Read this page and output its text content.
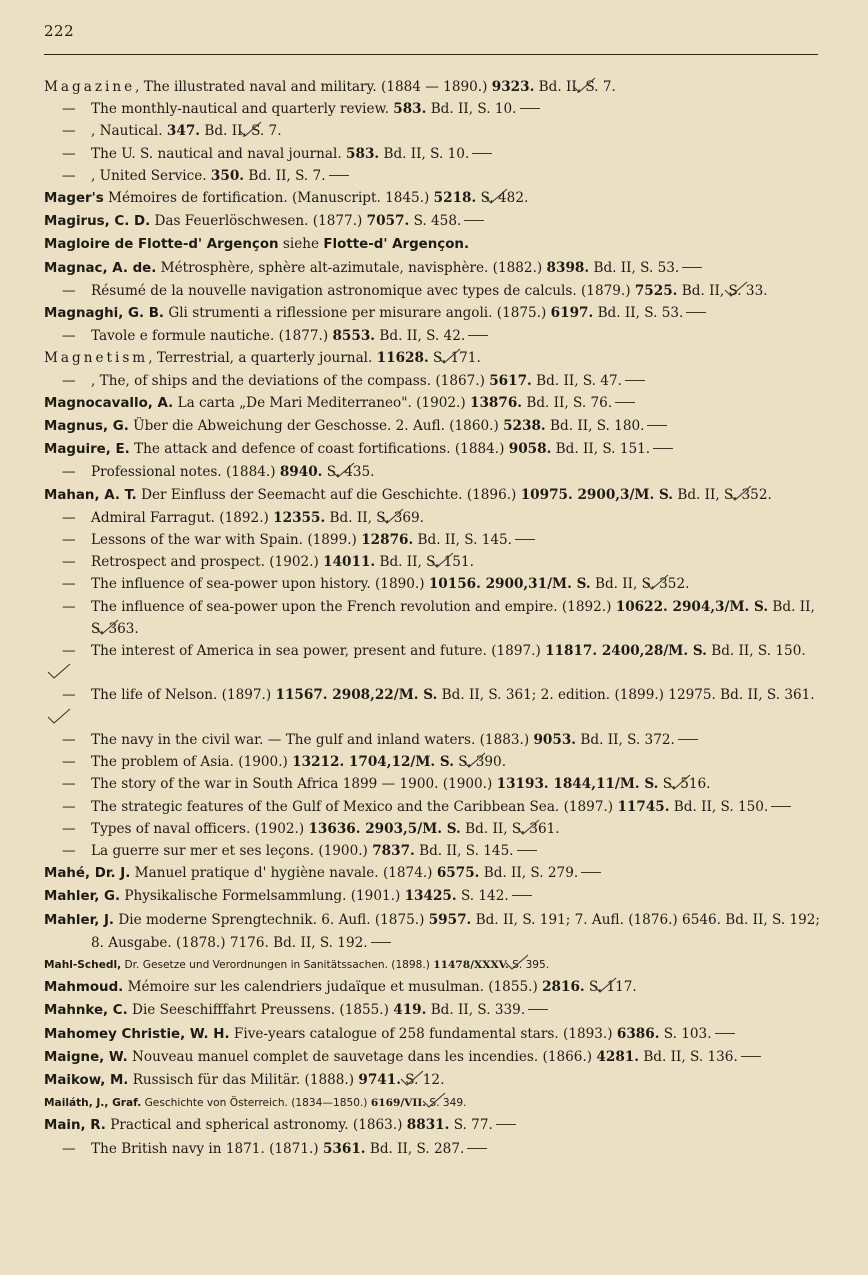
222
Magazine, The illustrated naval and military. (1884 — 1890.) 9323. Bd. II, S. 7.
— The monthly-nautical and quarterly review. 583. Bd. II, S. 10.
— , Nautical. 347. Bd. II, S. 7.
— The U. S. nautical and naval journal. 583. Bd. II, S. 10.
— , United Service. 350. Bd. II, S. 7.
Mager's Mémoires de fortification. (Manuscript. 1845.) 5218. S. 482.
Magirus, C. D. Das Feuerlöschwesen. (1877.) 7057. S. 458.
Magloire de Flotte-d' Argençon siehe Flotte-d' Argençon.
Magnac, A. de. Métrosphère, sphère alt-azimutale, navisphère. (1882.) 8398. Bd. II, S. 53.
— Résumé de la nouvelle navigation astronomique avec types de calculs. (1879.) 7525. Bd. II, S. 33.
Magnaghi, G. B. Gli strumenti a riflessione per misurare angoli. (1875.) 6197. Bd. II, S. 53.
— Tavole e formule nautiche. (1877.) 8553. Bd. II, S. 42.
Magnetism, Terrestrial, a quarterly journal. 11628. S. 171.
— , The, of ships and the deviations of the compass. (1867.) 5617. Bd. II, S. 47.
Magnocavallo, A. La carta „De Mari Mediterraneo". (1902.) 13876. Bd. II, S. 76.
Magnus, G. Über die Abweichung der Geschosse. 2. Aufl. (1860.) 5238. Bd. II, S. 180.
Maguire, E. The attack and defence of coast fortifications. (1884.) 9058. Bd. II, S. 151.
— Professional notes. (1884.) 8940. S. 435.
Mahan, A. T. Der Einfluss der Seemacht auf die Geschichte. (1896.) 10975. 2900,3/M. S. Bd. II, S. 352.
— Admiral Farragut. (1892.) 12355. Bd. II, S. 369.
— Lessons of the war with Spain. (1899.) 12876. Bd. II, S. 145.
— Retrospect and prospect. (1902.) 14011. Bd. II, S. 151.
— The influence of sea-power upon history. (1890.) 10156. 2900,31/M. S. Bd. II, S. 352.
— The influence of sea-power upon the French revolution and empire. (1892.) 10622. 2904,3/M. S. Bd. II, S. 363.
— The interest of America in sea power, present and future. (1897.) 11817. 2400,28/M. S. Bd. II, S. 150.
— The life of Nelson. (1897.) 11567. 2908,22/M. S. Bd. II, S. 361; 2. edition. (1899.) 12975. Bd. II, S. 361.
— The navy in the civil war. — The gulf and inland waters. (1883.) 9053. Bd. II, S. 372.
— The problem of Asia. (1900.) 13212. 1704,12/M. S. S. 390.
— The story of the war in South Africa 1899 — 1900. (1900.) 13193. 1844,11/M. S. S. 516.
— The strategic features of the Gulf of Mexico and the Caribbean Sea. (1897.) 11745. Bd. II, S. 150.
— Types of naval officers. (1902.) 13636. 2903,5/M. S. Bd. II, S. 361.
— La guerre sur mer et ses leçons. (1900.) 7837. Bd. II, S. 145.
Mahé, Dr. J. Manuel pratique d' hygiène navale. (1874.) 6575. Bd. II, S. 279.
Mahler, G. Physikalische Formelsammlung. (1901.) 13425. S. 142.
Mahler, J. Die moderne Sprengtechnik. 6. Aufl. (1875.) 5957. Bd. II, S. 191; 7. Aufl. (1876.) 6546. Bd. II, S. 192; 8. Ausgabe. (1878.) 7176. Bd. II, S. 192.
Mahl-Schedl, Dr. Gesetze und Verordnungen in Sanitätssachen. (1898.) 11478/XXXV. S. 395.
Mahmoud. Mémoire sur les calendriers judaïque et musulman. (1855.) 2816. S. 117.
Mahnke, C. Die Seeschifffahrt Preussens. (1855.) 419. Bd. II, S. 339.
Mahomey Christie, W. H. Five-years catalogue of 258 fundamental stars. (1893.) 6386. S. 103.
Maigne, W. Nouveau manuel complet de sauvetage dans les incendies. (1866.) 4281. Bd. II, S. 136.
Maikow, M. Russisch für das Militär. (1888.) 9741. S. 12.
Mailáth, J., Graf. Geschichte von Österreich. (1834—1850.) 6169/VII. S. 349.
Main, R. Practical and spherical astronomy. (1863.) 8831. S. 77.
— The British navy in 1871. (1871.) 5361. Bd. II, S. 287.
